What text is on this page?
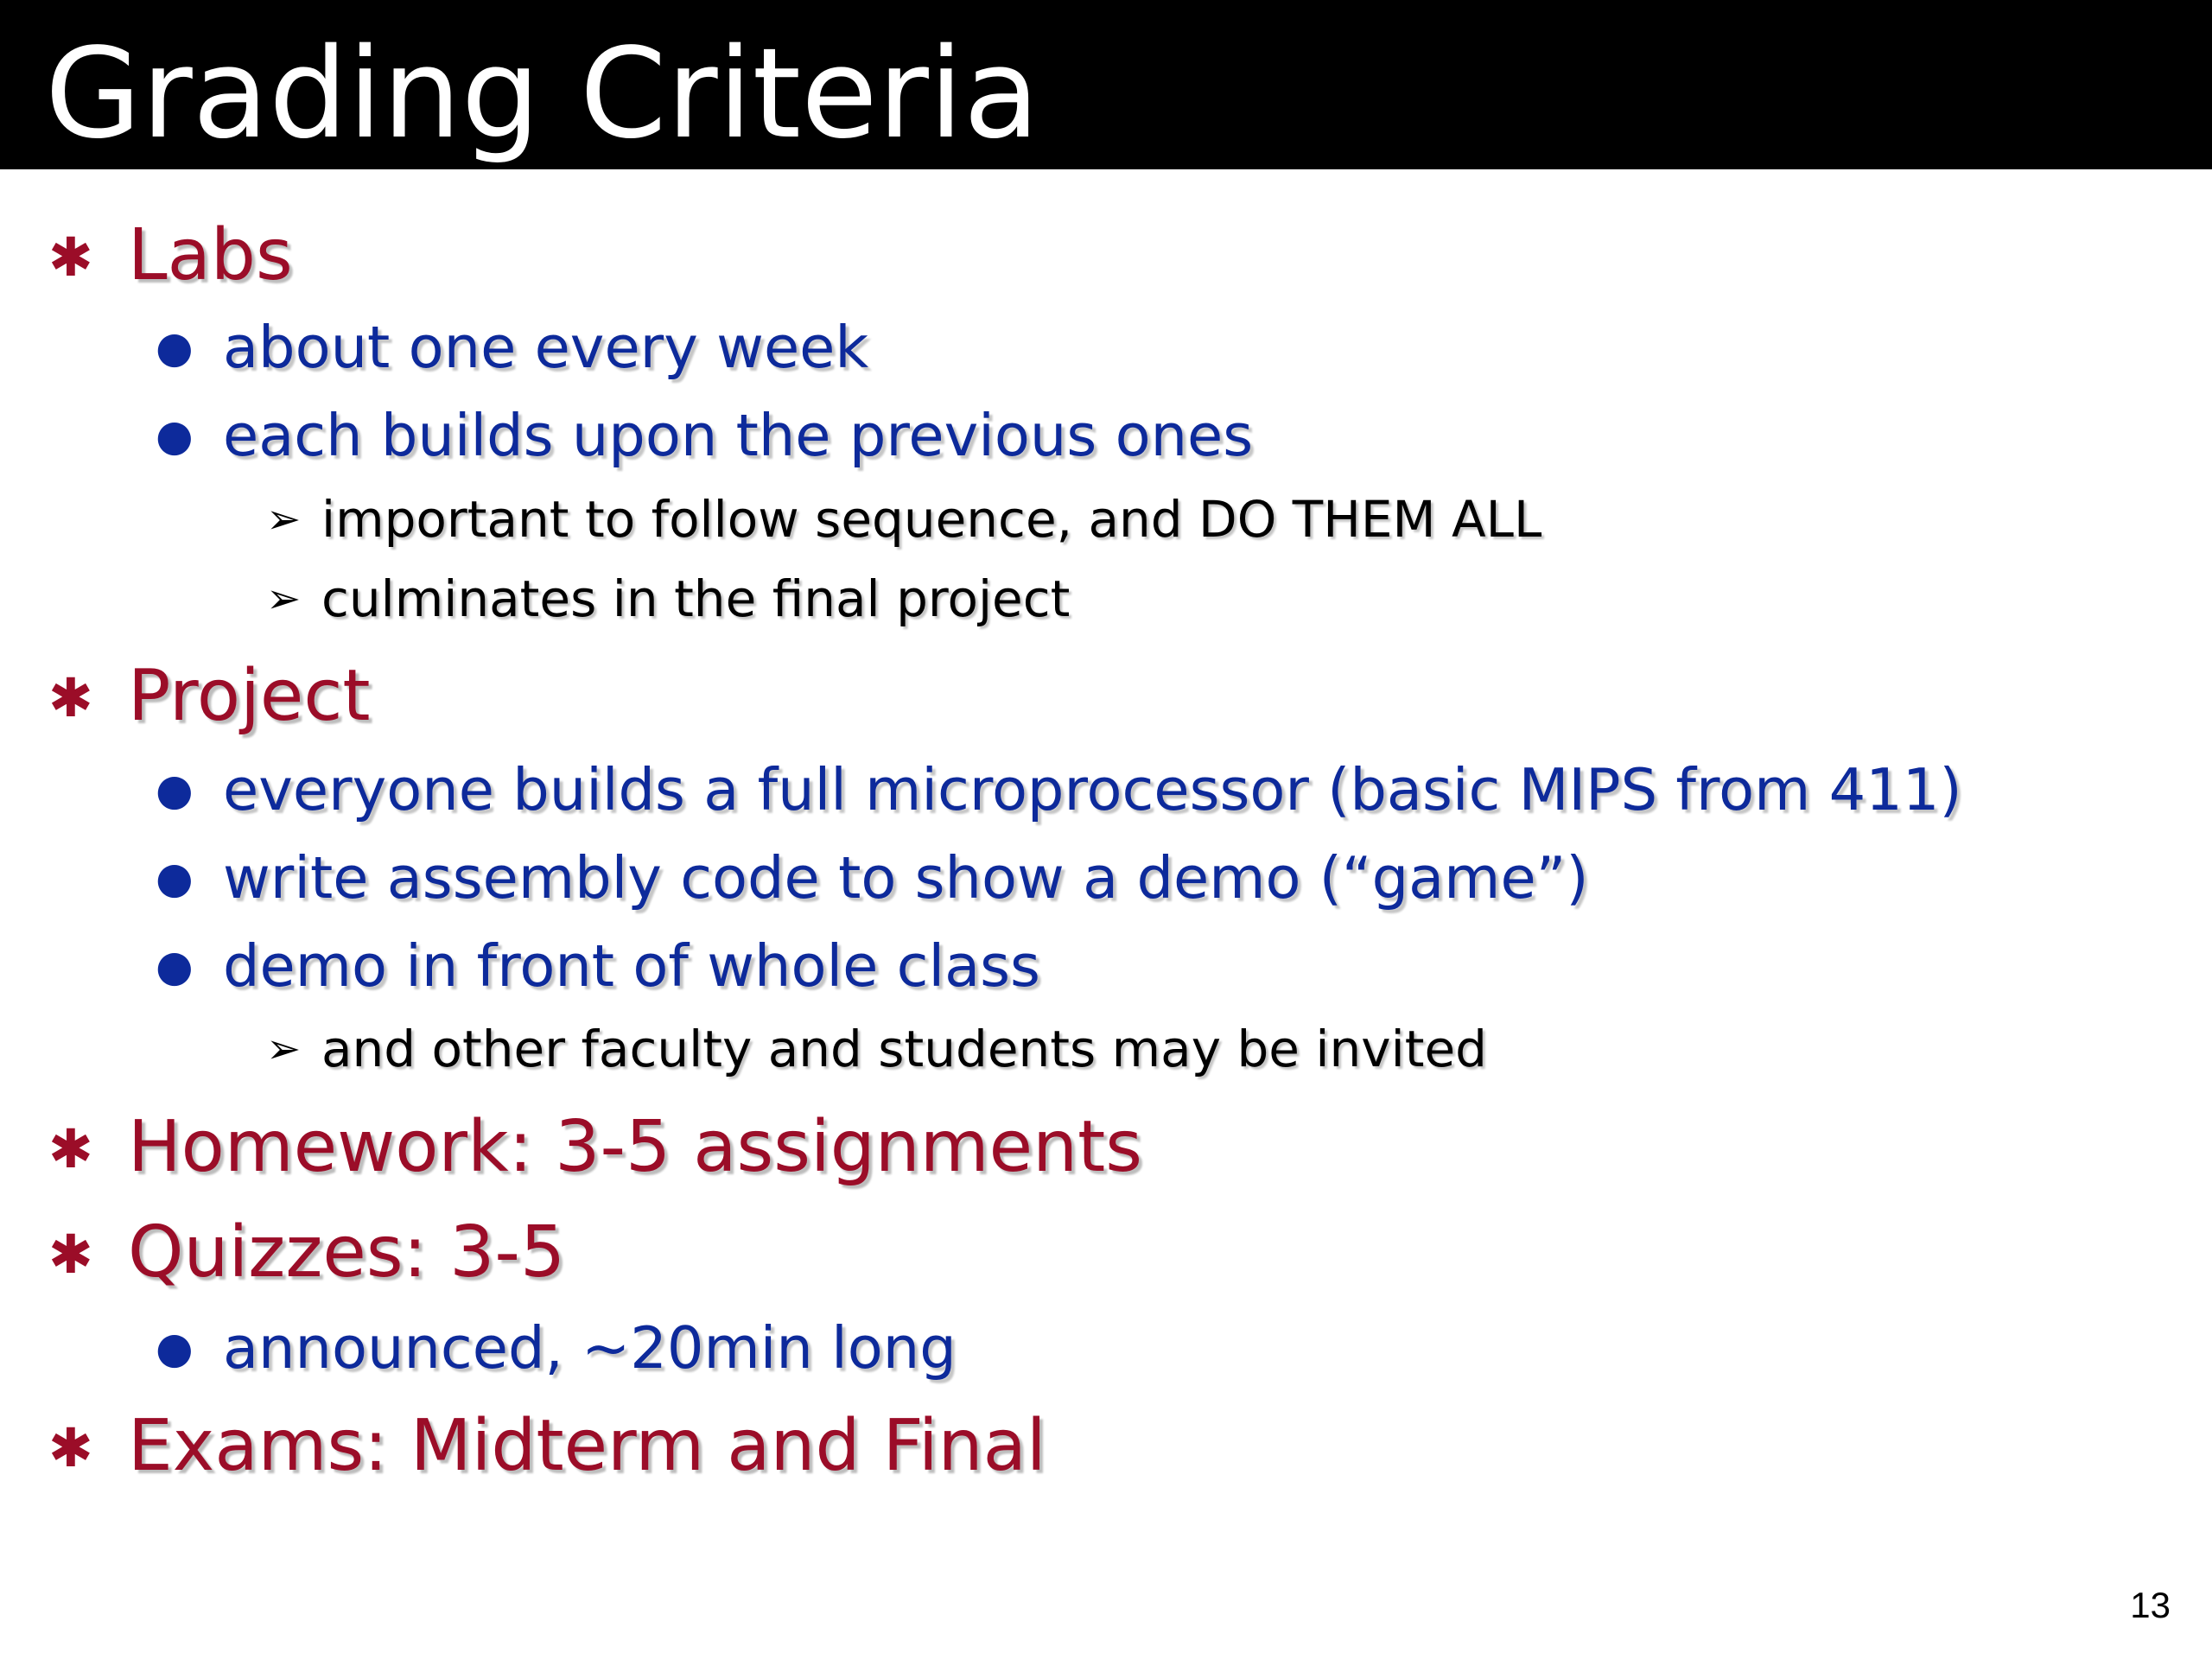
Grading Criteria
✱ Labs
● about one every week
● each builds upon the previous ones
➢ important to follow sequence, and DO THEM ALL
➢ culminates in the final project
✱ Project
● everyone builds a full microprocessor (basic MIPS from 411)
● write assembly code to show a demo (“game”)
● demo in front of whole class
➢ and other faculty and students may be invited
✱ Homework: 3-5 assignments
✱ Quizzes: 3-5
● announced, ~20min long
✱ Exams: Midterm and Final
13
